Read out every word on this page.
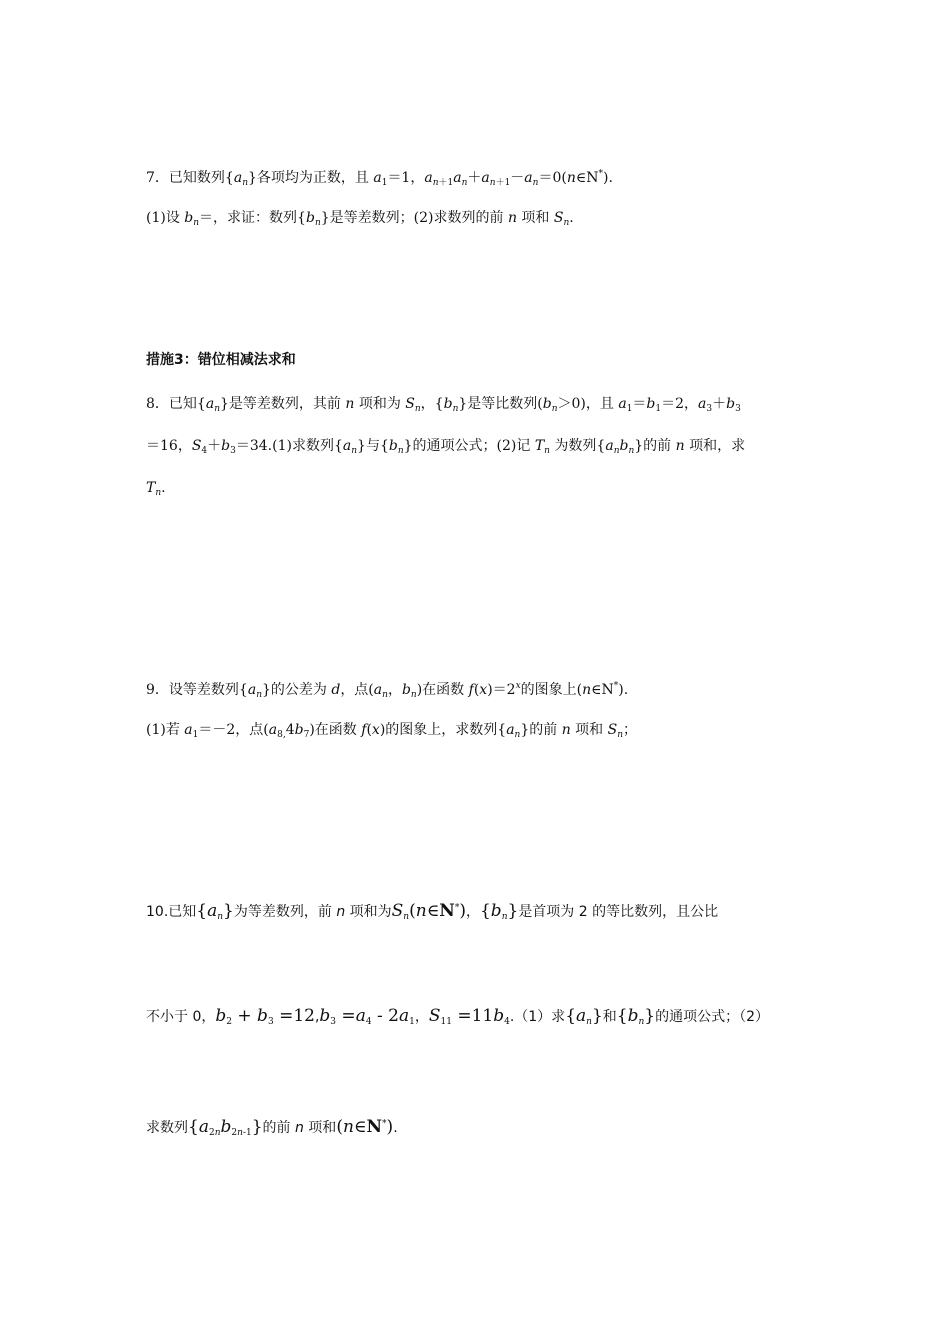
7．已知数列$\{a_n\}$各项均为正数，且 $a_1=1$，$a_{n+1}a_n+a_{n+1}-a_n=0(n\in N^*)$.
(1)设 $b_n=$，求证：数列$\{b_n\}$是等差数列；(2)求数列的前 n 项和 $S_n$.
措施3：错位相减法求和
8．已知$\{a_n\}$是等差数列，其前 n 项和为 $S_n$，$\{b_n\}$是等比数列$(b_n>0)$，且 $a_1=b_1=2$，$a_3+b_3$
＝16，$S_4+b_3=34.(1)$求数列$\{a_n\}$与$\{b_n\}$的通项公式；(2)记 $T_n$ 为数列$\{a_nb_n\}$的前 n 项和，求
$T_n$.
9．设等差数列$\{a_n\}$的公差为 d，点($a_n$，$b_n$)在函数 $f(x)=2^x$的图象上(n∈N*).
(1)若 $a_1=-2$，点$(a_{8,}4b_7)$在函数 f(x)的图象上，求数列$\{a_n\}$的前 n 项和 $S_n$；
10.已知$\{a_n\}$为等差数列，前 n 项和为$S_n(n\in N^*)$，$\{b_n\}$是首项为 2 的等比数列，且公比
不小于 0，$b_2 + b_3 =12,b_3 =a_4 - 2a_1$，$S_{11} =11b_4.(1)$求$\{a_n\}$和$\{b_n\}$的通项公式；（2）
求数列$\{a_{2n}b_{2n-1}\}$的前 n 项和(n∈N*).
